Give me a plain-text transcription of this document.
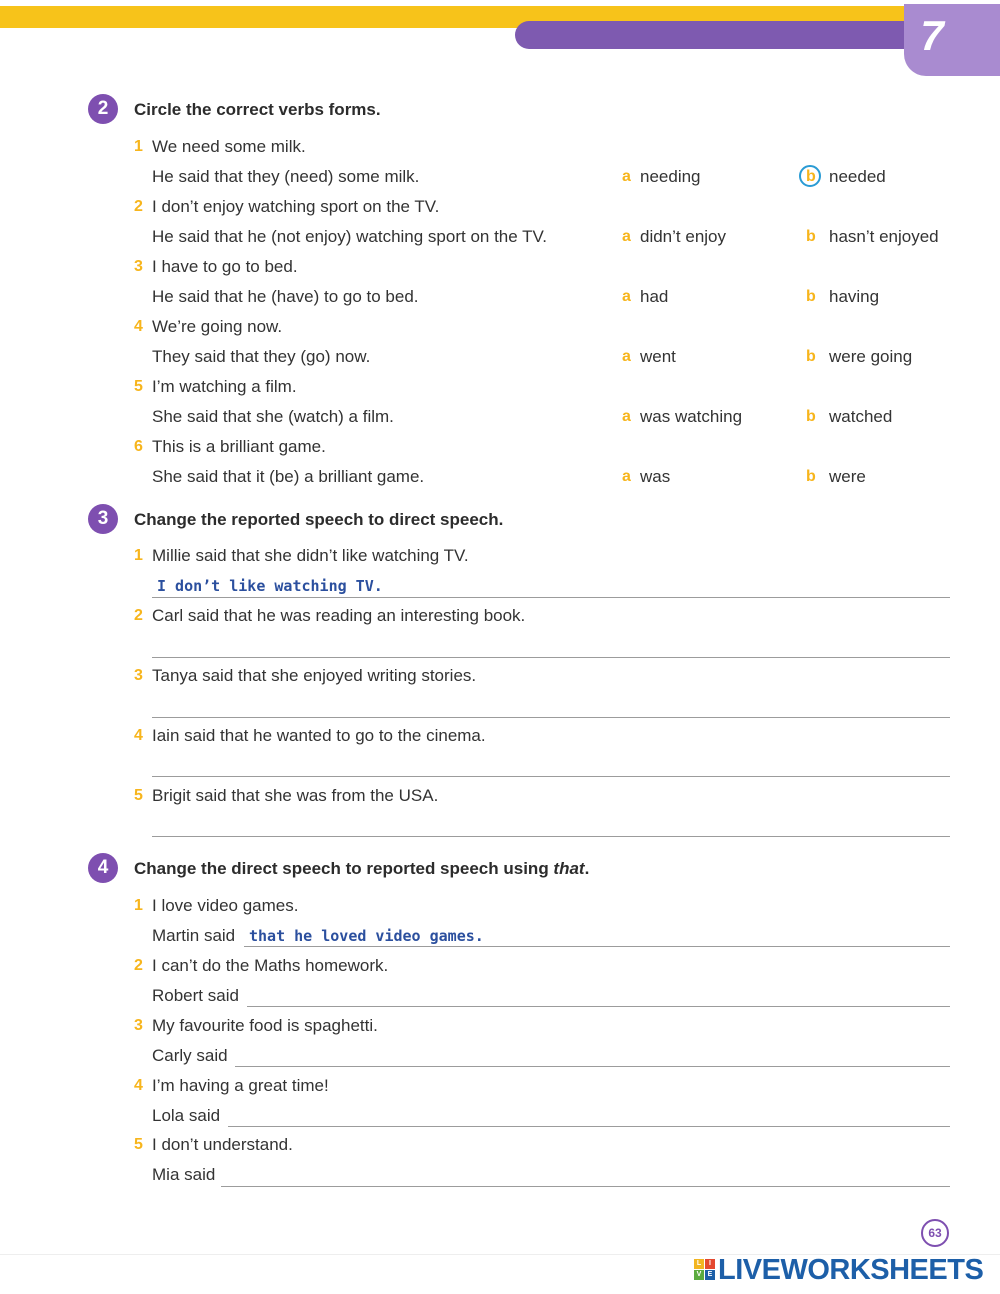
7
2	Circle the correct verbs forms.
1 We need some milk.
He said that they (need) some milk.	a needing	b needed
2 I don’t enjoy watching sport on the TV.
He said that he (not enjoy) watching sport on the TV.	a didn’t enjoy	b hasn’t enjoyed
3 I have to go to bed.
He said that he (have) to go to bed.	a had	b having
4 We’re going now.
They said that they (go) now.	a went	b were going
5 I’m watching a film.
She said that she (watch) a film.	a was watching	b watched
6 This is a brilliant game.
She said that it (be) a brilliant game.	a was	b were
3	Change the reported speech to direct speech.
1 Millie said that she didn’t like watching TV.
I don’t like watching TV.
2 Carl said that he was reading an interesting book.
3 Tanya said that she enjoyed writing stories.
4 Iain said that he wanted to go to the cinema.
5 Brigit said that she was from the USA.
4	Change the direct speech to reported speech using that.
1 I love video games.
Martin said that he loved video games.
2 I can’t do the Maths homework.
Robert said
3 My favourite food is spaghetti.
Carly said
4 I’m having a great time!
Lola said
5 I don’t understand.
Mia said
63
L	I
V E LIVEWORKSHEETS
